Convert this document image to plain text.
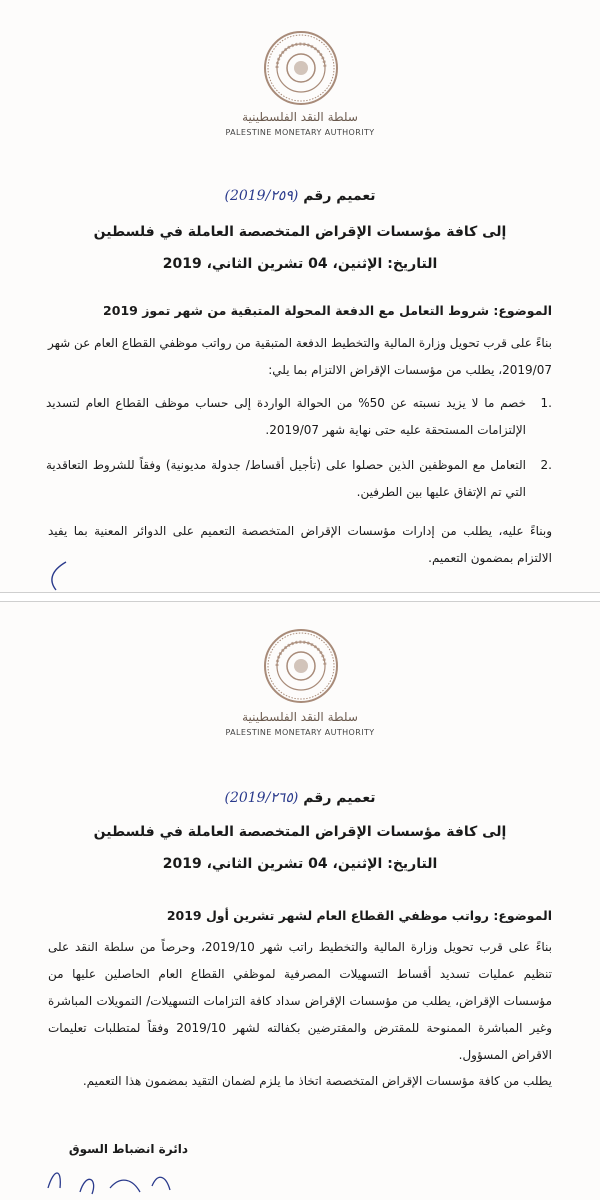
سلطة النقد الفلسطينية
PALESTINE MONETARY AUTHORITY
تعميم رقم (2019/٢٥٩)
إلى كافة مؤسسات الإقراض المتخصصة العاملة في فلسطين
التاريخ: الإثنين، 04 تشرين الثاني، 2019
الموضوع: شروط التعامل مع الدفعة المحولة المتبقية من شهر تموز 2019
بناءً على قرب تحويل وزارة المالية والتخطيط الدفعة المتبقية من رواتب موظفي القطاع العام عن شهر 2019/07، يطلب من مؤسسات الإقراض الالتزام بما يلي:
.1خصم ما لا يزيد نسبته عن 50% من الحوالة الواردة إلى حساب موظف القطاع العام لتسديد الإلتزامات المستحقة عليه حتى نهاية شهر 2019/07.
.2التعامل مع الموظفين الذين حصلوا على (تأجيل أقساط/ جدولة مديونية) وفقاً للشروط التعاقدية التي تم الإتفاق عليها بين الطرفين.
وبناءً عليه، يطلب من إدارات مؤسسات الإقراض المتخصصة التعميم على الدوائر المعنية بما يفيد الالتزام بمضمون التعميم.
سلطة النقد الفلسطينية
PALESTINE MONETARY AUTHORITY
تعميم رقم (2019/٢٦٥)
إلى كافة مؤسسات الإقراض المتخصصة العاملة في فلسطين
التاريخ: الإثنين، 04 تشرين الثاني، 2019
الموضوع: رواتب موظفي القطاع العام لشهر تشرين أول 2019
بناءً على قرب تحويل وزارة المالية والتخطيط راتب شهر 2019/10، وحرصاً من سلطة النقد على تنظيم عمليات تسديد أقساط التسهيلات المصرفية لموظفي القطاع العام الحاصلين عليها من مؤسسات الإقراض، يطلب من مؤسسات الإقراض سداد كافة التزامات التسهيلات/ التمويلات المباشرة وغير المباشرة الممنوحة للمقترض والمقترضين بكفالته لشهر 2019/10 وفقاً لمتطلبات تعليمات الاقراض المسؤول.
يطلب من كافة مؤسسات الإقراض المتخصصة اتخاذ ما يلزم لضمان التقيد بمضمون هذا التعميم.
دائرة انضباط السوق
